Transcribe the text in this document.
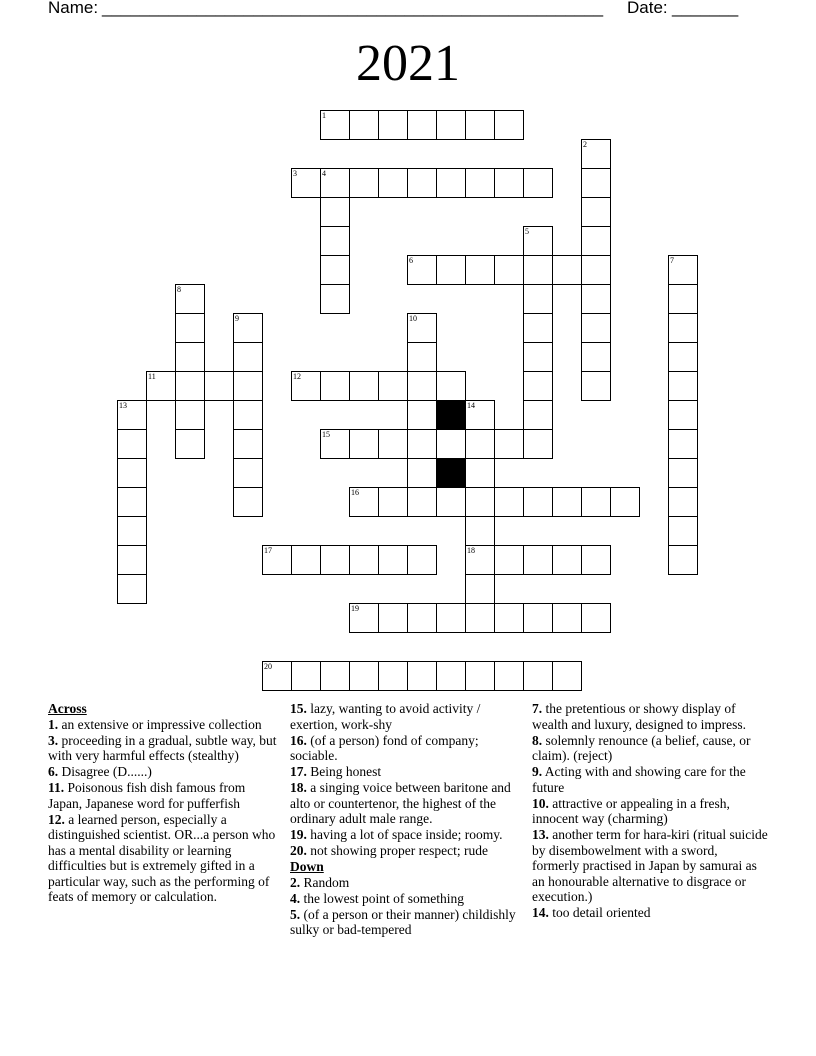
Name: _____________________________________________________ Date: _______
2021
1
2
3	4
5
6	7
8
9	10
11	12
13	14
15
16
17	18
19
20
Across
1. an extensive or impressive collection
3. proceeding in a gradual, subtle way, but with very harmful effects (stealthy)
6. Disagree (D......)
11. Poisonous fish dish famous from Japan, Japanese word for pufferfish
12. a learned person, especially a distinguished scientist. OR...a person who has a mental disability or learning difficulties but is extremely gifted in a particular way, such as the performing of feats of memory or calculation.
15. lazy, wanting to avoid activity / exertion, work-shy
16. (of a person) fond of company; sociable.
17. Being honest
18. a singing voice between baritone and alto or countertenor, the highest of the ordinary adult male range.
19. having a lot of space inside; roomy.
20. not showing proper respect; rude
Down
2. Random
4. the lowest point of something
5. (of a person or their manner) childishly sulky or bad-tempered
7. the pretentious or showy display of wealth and luxury, designed to impress.
8. solemnly renounce (a belief, cause, or claim). (reject)
9. Acting with and showing care for the future
10. attractive or appealing in a fresh, innocent way (charming)
13. another term for hara-kiri (ritual suicide by disembowelment with a sword, formerly practised in Japan by samurai as an honourable alternative to disgrace or execution.)
14. too detail oriented
